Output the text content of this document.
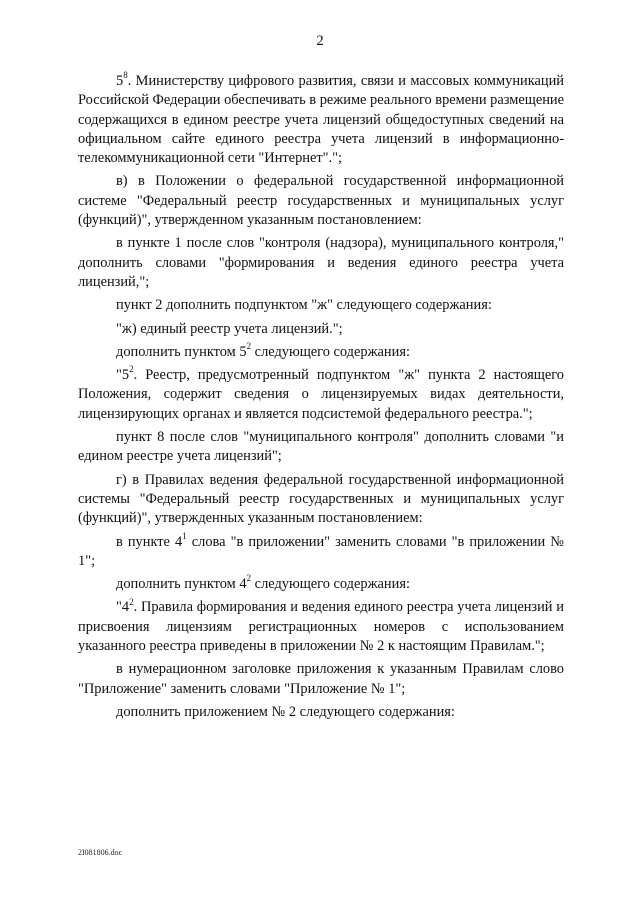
2

$5^8$. Министерству цифрового развития, связи и массовых коммуникаций Российской Федерации обеспечивать в режиме реального времени размещение содержащихся в едином реестре учета лицензий общедоступных сведений на официальном сайте единого реестра учета лицензий в информационно-телекоммуникационной сети "Интернет".";

в) в Положении о федеральной государственной информационной системе "Федеральный реестр государственных и муниципальных услуг (функций)", утвержденном указанным постановлением:

в пункте 1 после слов "контроля (надзора), муниципального контроля," дополнить словами "формирования и ведения единого реестра учета лицензий,";

пункт 2 дополнить подпунктом "ж" следующего содержания:

"ж) единый реестр учета лицензий.";

дополнить пунктом $5^2$ следующего содержания:

"$5^2$. Реестр, предусмотренный подпунктом "ж" пункта 2 настоящего Положения, содержит сведения о лицензируемых видах деятельности, лицензирующих органах и является подсистемой федерального реестра.";

пункт 8 после слов "муниципального контроля" дополнить словами "и едином реестре учета лицензий";

г) в Правилах ведения федеральной государственной информационной системы "Федеральный реестр государственных и муниципальных услуг (функций)", утвержденных указанным постановлением:

в пункте $4^1$ слова "в приложении" заменить словами "в приложении № 1";

дополнить пунктом $4^2$ следующего содержания:

"$4^2$. Правила формирования и ведения единого реестра учета лицензий и присвоения лицензиям регистрационных номеров с использованием указанного реестра приведены в приложении № 2 к настоящим Правилам.";

в нумерационном заголовке приложения к указанным Правилам слово "Приложение" заменить словами "Приложение № 1";

дополнить приложением № 2 следующего содержания:

2I081806.doc
